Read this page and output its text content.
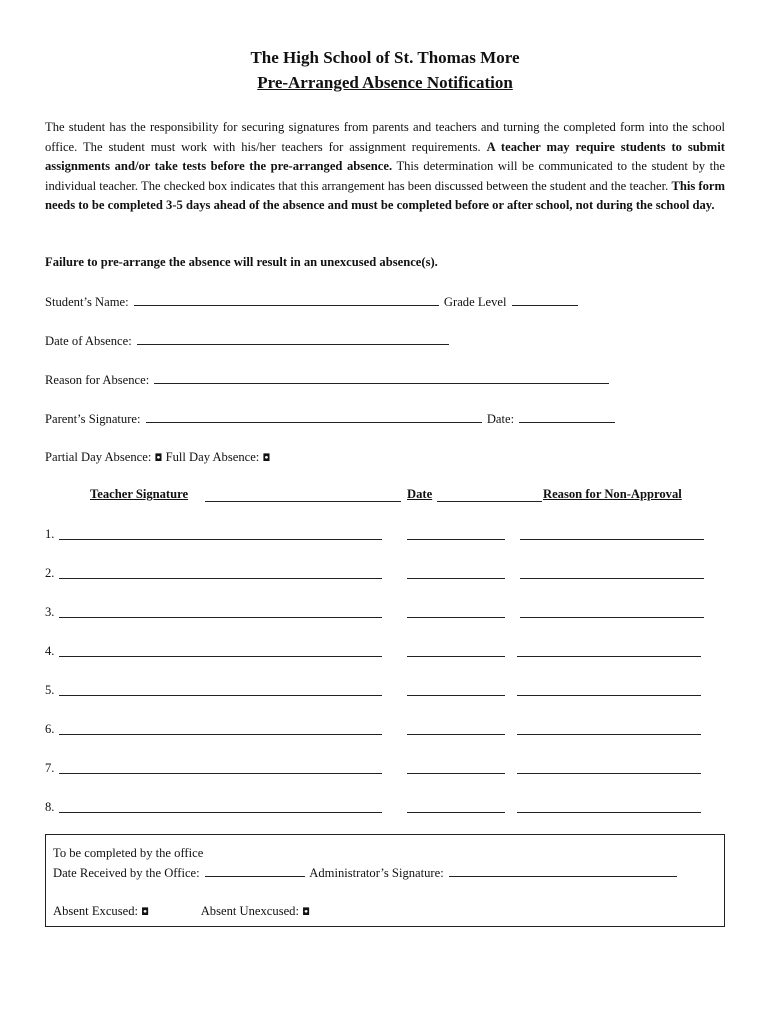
The High School of St. Thomas More
Pre-Arranged Absence Notification
The student has the responsibility for securing signatures from parents and teachers and turning the completed form into the school office. The student must work with his/her teachers for assignment requirements. A teacher may require students to submit assignments and/or take tests before the pre-arranged absence. This determination will be communicated to the student by the individual teacher. The checked box indicates that this arrangement has been discussed between the student and the teacher. This form needs to be completed 3-5 days ahead of the absence and must be completed before or after school, not during the school day.
Failure to pre-arrange the absence will result in an unexcused absence(s).
Student’s Name:	Grade Level
Date of Absence:
Reason for Absence:
Parent’s Signature:	Date:
Partial Day Absence: ◘ Full Day Absence: ◘
Teacher Signature	Date	Reason for Non-Approval
1.
2.
3.
4.
5.
6.
7.
8.
To be completed by the office
Date Received by the Office:	Administrator’s Signature:
Absent Excused: ◘	Absent Unexcused: ◘
